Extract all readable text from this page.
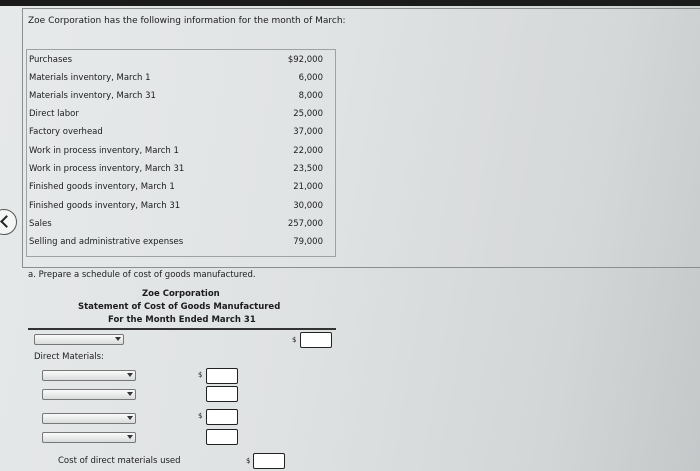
Zoe Corporation has the following information for the month of March:
Purchases	$92,000
Materials inventory, March 1	6,000
Materials inventory, March 31	8,000
Direct labor	25,000
Factory overhead	37,000
Work in process inventory, March 1	22,000
Work in process inventory, March 31	23,500
Finished goods inventory, March 1	21,000
Finished goods inventory, March 31	30,000
Sales	257,000
Selling and administrative expenses	79,000
a. Prepare a schedule of cost of goods manufactured.
Zoe Corporation
Statement of Cost of Goods Manufactured
For the Month Ended March 31
$
Direct Materials:
$
$
Cost of direct materials used	$
